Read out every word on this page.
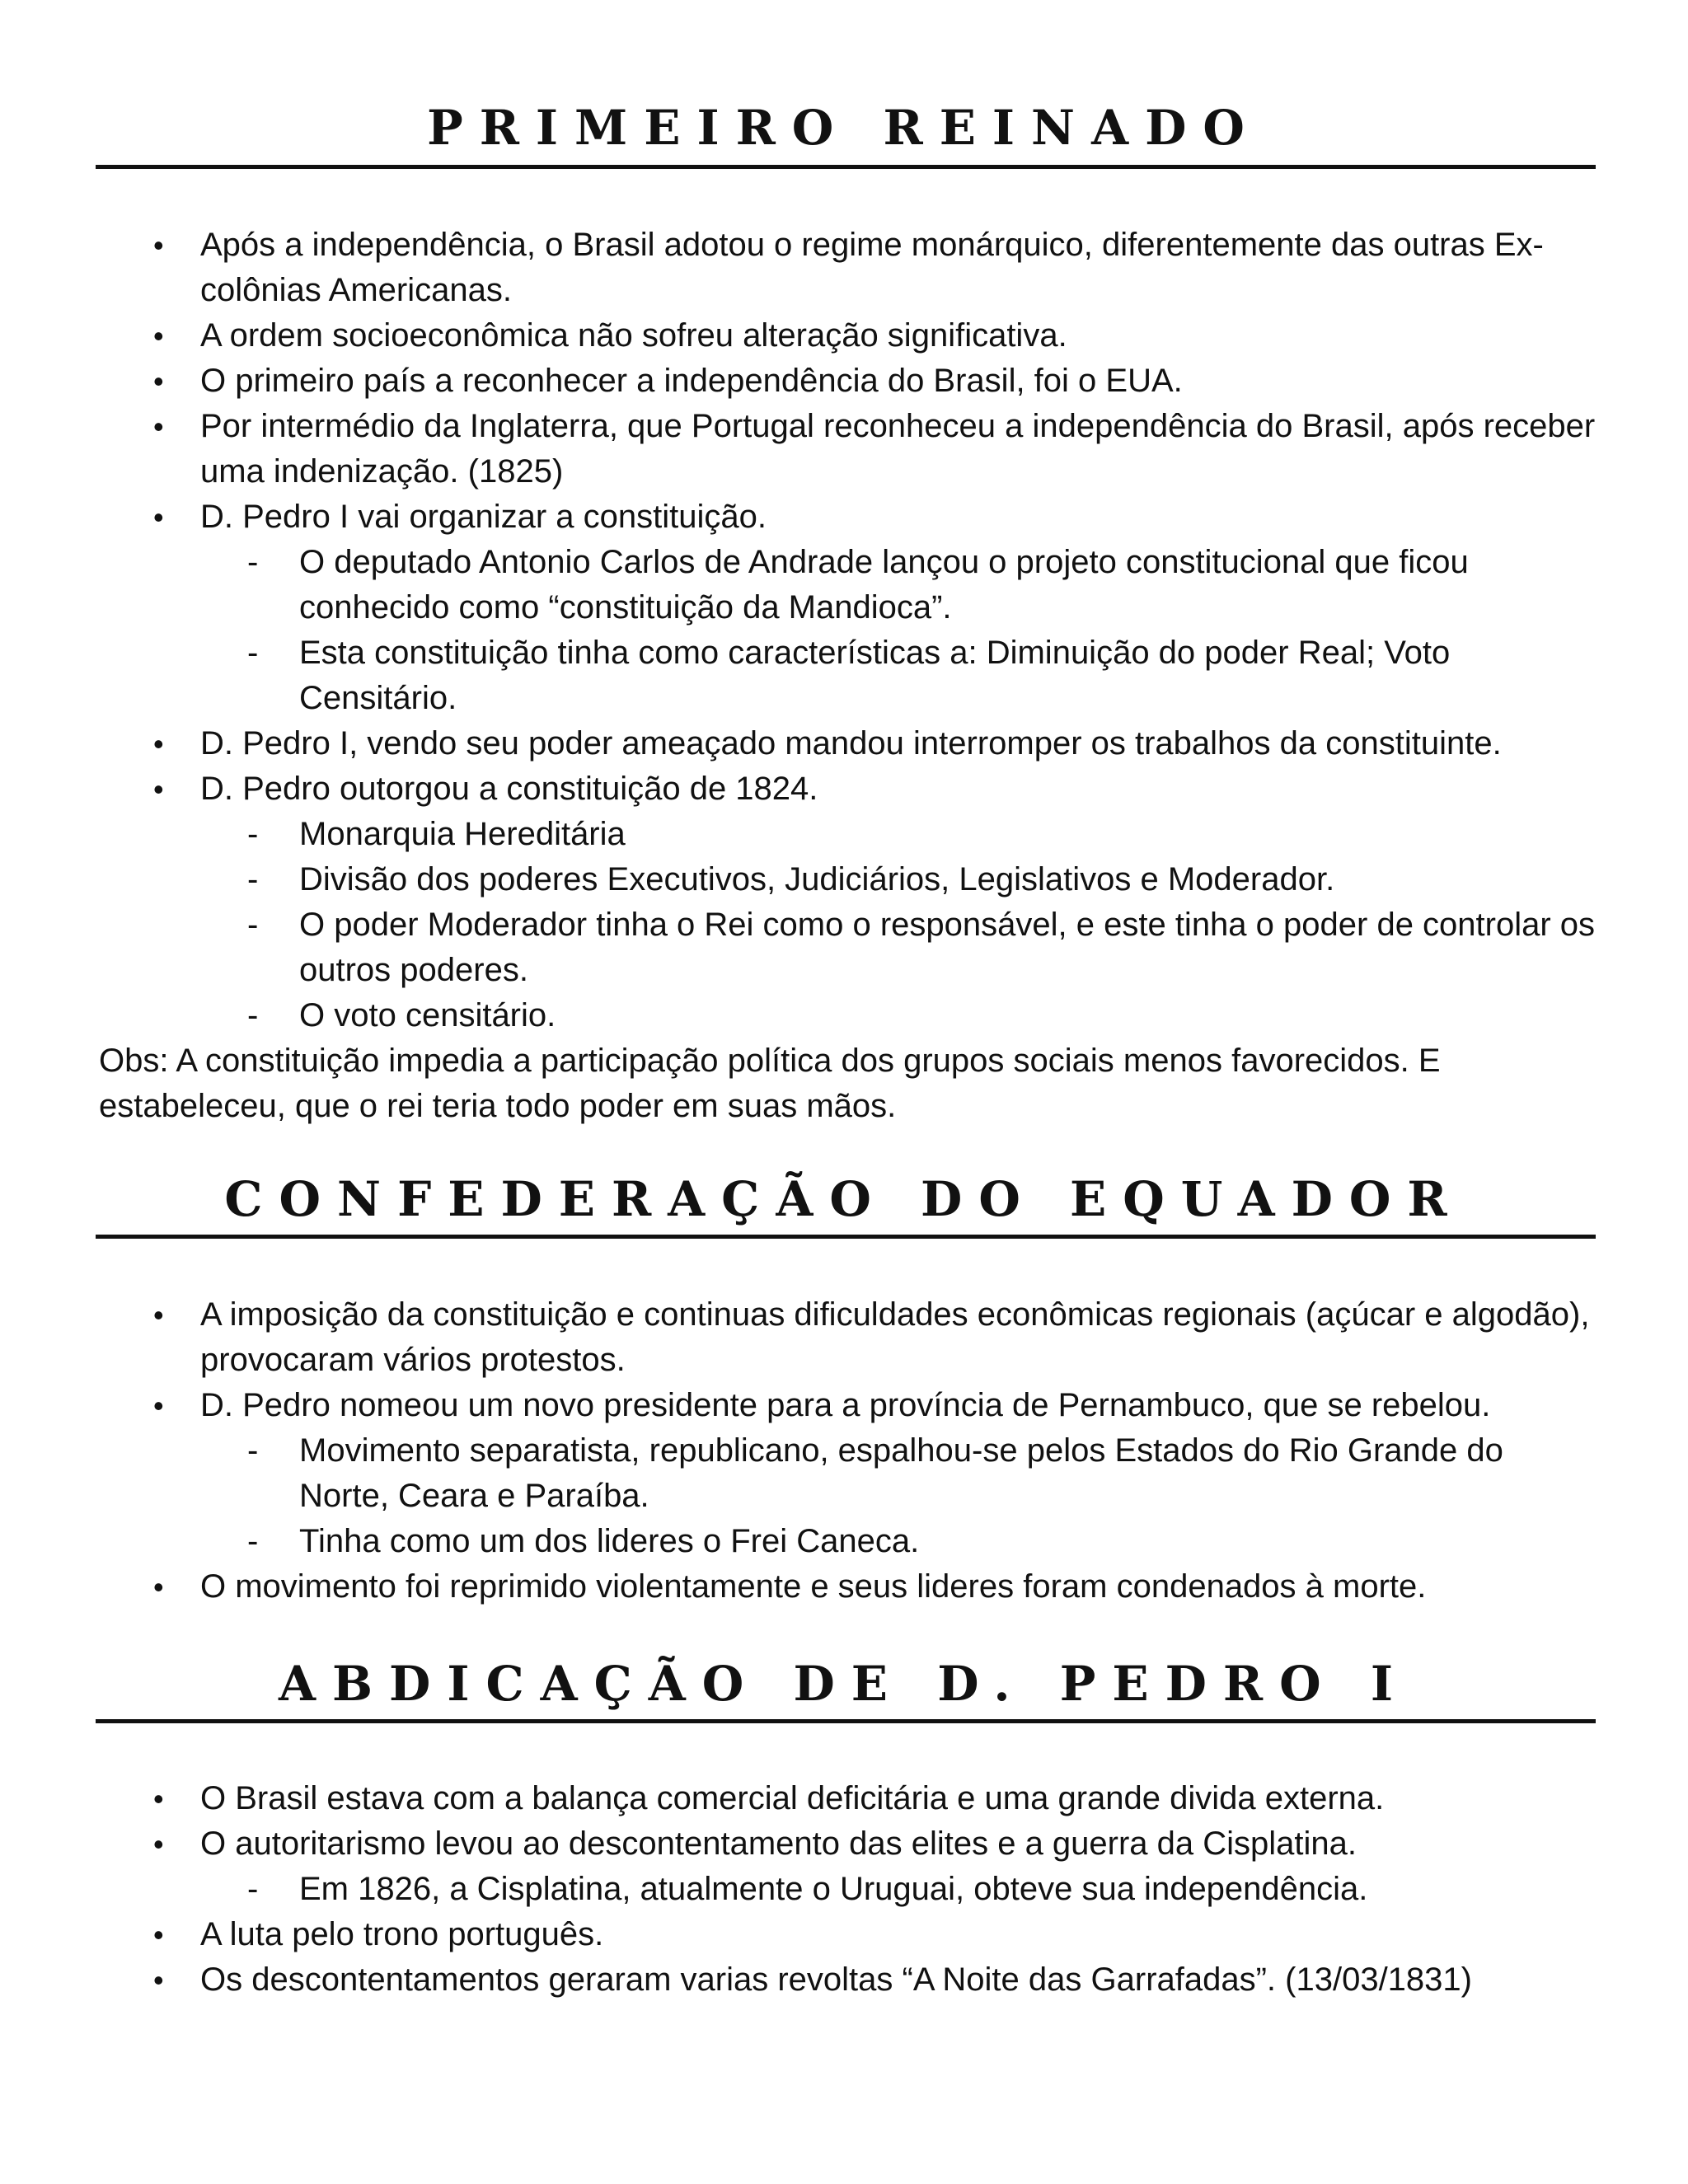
PRIMEIRO REINADO
• Após a independência, o Brasil adotou o regime monárquico, diferentemente das outras Ex-colônias Americanas.
• A ordem socioeconômica não sofreu alteração significativa.
• O primeiro país a reconhecer a independência do Brasil, foi o EUA.
• Por intermédio da Inglaterra, que Portugal reconheceu a independência do Brasil, após receber uma indenização. (1825)
• D. Pedro I vai organizar a constituição.
- O deputado Antonio Carlos de Andrade lançou o projeto constitucional que ficou conhecido como “constituição da Mandioca”.
- Esta constituição tinha como características a: Diminuição do poder Real; Voto Censitário.
• D. Pedro I, vendo seu poder ameaçado mandou interromper os trabalhos da constituinte.
• D. Pedro outorgou a constituição de 1824.
- Monarquia Hereditária
- Divisão dos poderes Executivos, Judiciários, Legislativos e Moderador.
- O poder Moderador tinha o Rei como o responsável, e este tinha o poder de controlar os outros poderes.
- O voto censitário.
Obs: A constituição impedia a participação política dos grupos sociais menos favorecidos. E estabeleceu, que o rei teria todo poder em suas mãos.
CONFEDERAÇÃO DO EQUADOR
• A imposição da constituição e continuas dificuldades econômicas regionais (açúcar e algodão), provocaram vários protestos.
• D. Pedro nomeou um novo presidente para a província de Pernambuco, que se rebelou.
- Movimento separatista, republicano, espalhou-se pelos Estados do Rio Grande do Norte, Ceara e Paraíba.
- Tinha como um dos lideres o Frei Caneca.
• O movimento foi reprimido violentamente e seus lideres foram condenados à morte.
ABDICAÇÃO DE D. PEDRO I
• O Brasil estava com a balança comercial deficitária e uma grande divida externa.
• O autoritarismo levou ao descontentamento das elites e a guerra da Cisplatina.
- Em 1826, a Cisplatina, atualmente o Uruguai, obteve sua independência.
• A luta pelo trono português.
• Os descontentamentos geraram varias revoltas “A Noite das Garrafadas”. (13/03/1831)
